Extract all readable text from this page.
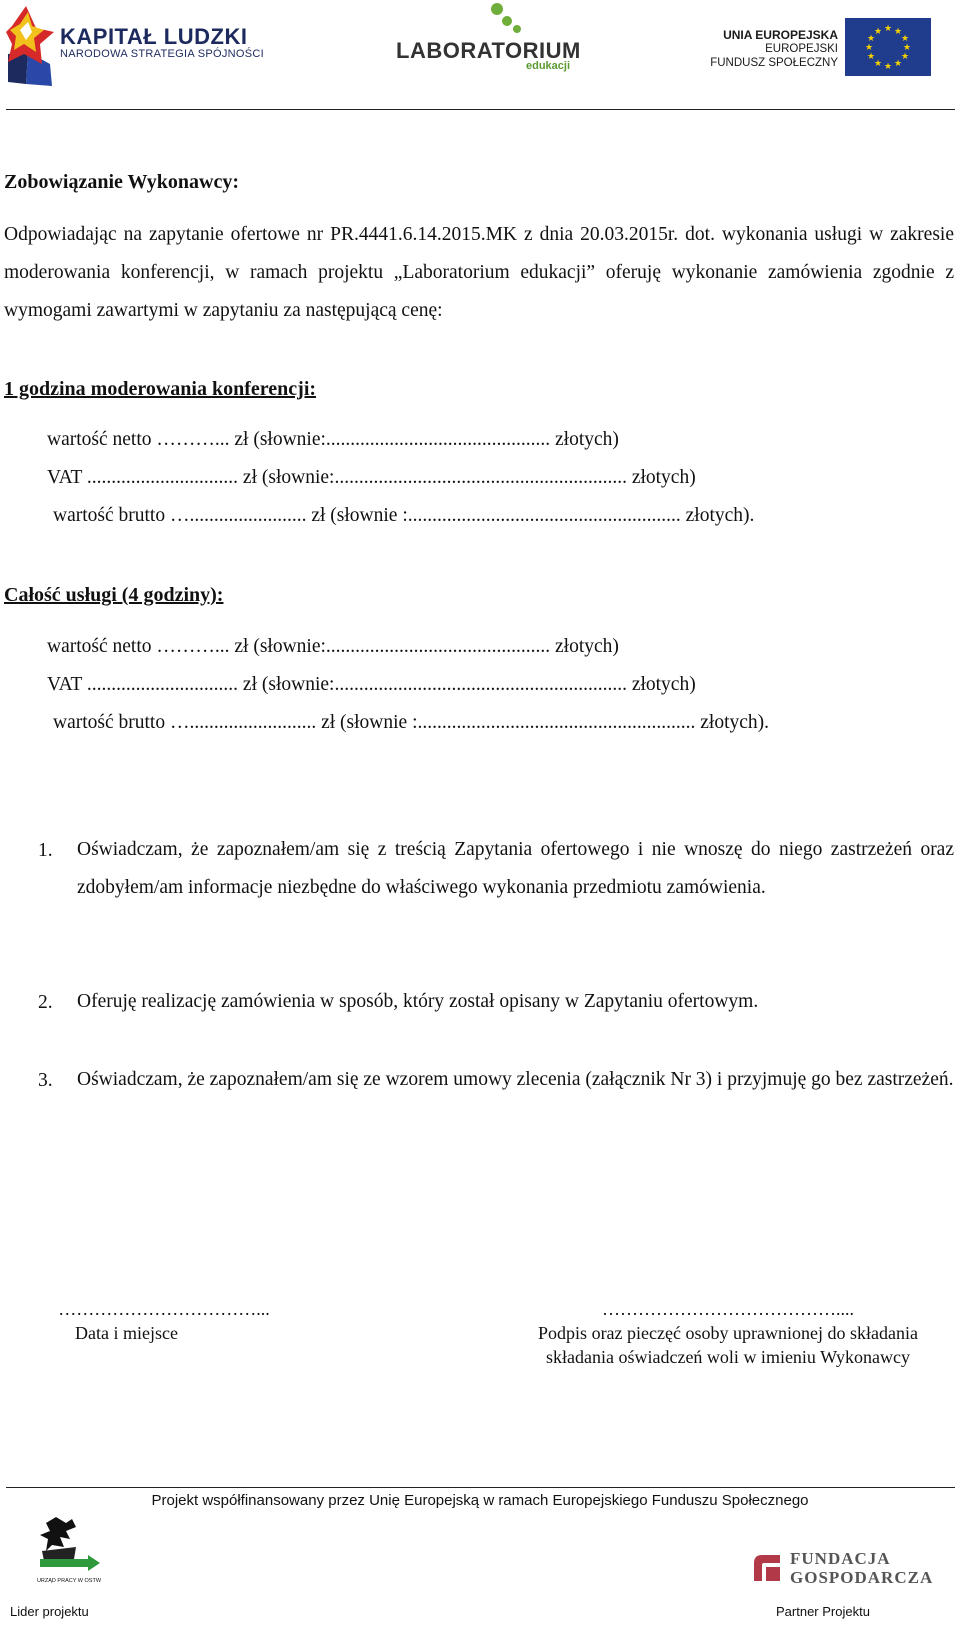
KAPITAŁ LUDZKI
NARODOWA STRATEGIA SPÓJNOŚCI	LABORATORIUM
edukacji
UNIA EUROPEJSKA
EUROPEJSKI
FUNDUSZ SPOŁECZNY
★ ★
★
★
★
★
★
★
★
★
★
★
Zobowiązanie Wykonawcy:
Odpowiadając na zapytanie ofertowe nr PR.4441.6.14.2015.MK z dnia 20.03.2015r. dot. wykonania usługi w zakresie moderowania konferencji, w ramach projektu „Laboratorium edukacji” oferuję wykonanie zamówienia zgodnie z wymogami zawartymi w zapytaniu za następującą cenę:
1 godzina moderowania konferencji:
wartość netto ………... zł (słownie:.............................................. złotych)
VAT ............................... zł (słownie:............................................................ złotych)
wartość brutto …........................ zł (słownie :........................................................ złotych).
Całość usługi (4 godziny):
wartość netto ………... zł (słownie:.............................................. złotych)
VAT ............................... zł (słownie:............................................................ złotych)
wartość brutto ….......................... zł (słownie :......................................................... złotych).
1. Oświadczam, że zapoznałem/am się z treścią Zapytania ofertowego i nie wnoszę do niego zastrzeżeń oraz zdobyłem/am informacje niezbędne do właściwego wykonania przedmiotu zamówienia.
2. Oferuję realizację zamówienia w sposób, który został opisany w Zapytaniu ofertowym.
3. Oświadczam, że zapoznałem/am się ze wzorem umowy zlecenia (załącznik Nr 3) i przyjmuję go bez zastrzeżeń.
……………………………...
Data i miejsce
…………………………………....
Podpis oraz pieczęć osoby uprawnionej do składania
składania oświadczeń woli w imieniu Wykonawcy
Projekt współfinansowany przez Unię Europejską w ramach Europejskiego Funduszu Społecznego
URZĄD PRACY W OSTW
Lider projektu
FUNDACJA
GOSPODARCZA
Partner Projektu
